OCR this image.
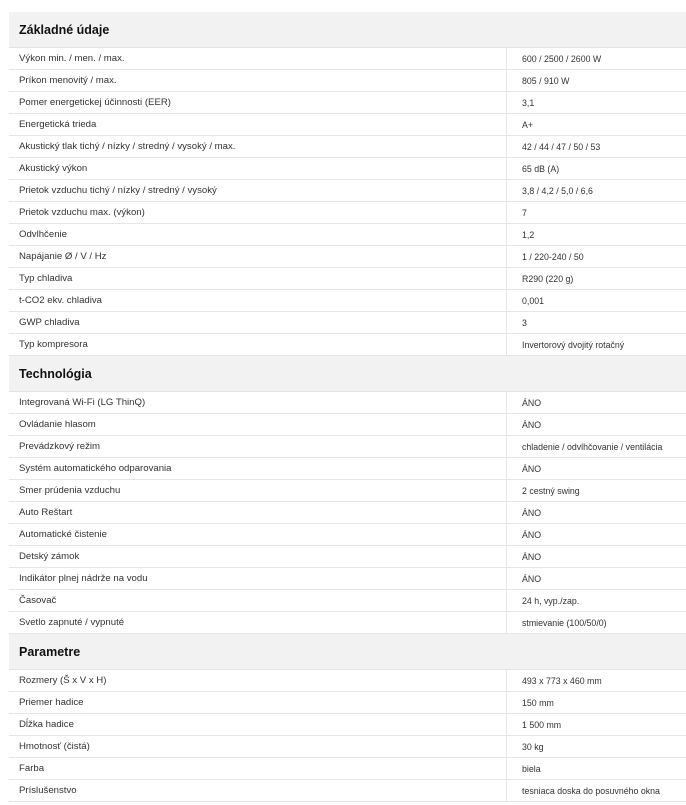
Základné údaje
Výkon min. / men. / max.	600 / 2500 / 2600 W
Príkon menovitý / max.	805 / 910 W
Pomer energetickej účinnosti (EER)	3,1
Energetická trieda	A+
Akustický tlak tichý / nízky / stredný / vysoký / max.	42 / 44 / 47 / 50 / 53
Akustický výkon	65 dB (A)
Prietok vzduchu tichý / nízky / stredný / vysoký	3,8 / 4,2 / 5,0 / 6,6
Prietok vzduchu max. (výkon)	7
Odvlhčenie	1,2
Napájanie Ø / V / Hz	1 / 220-240 / 50
Typ chladiva	R290 (220 g)
t-CO2 ekv. chladiva	0,001
GWP chladiva	3
Typ kompresora	Invertorový dvojitý rotačný
Technológia
Integrovaná Wi-Fi (LG ThinQ)	ÁNO
Ovládanie hlasom	ÁNO
Prevádzkový režim	chladenie / odvlhčovanie / ventilácia
Systém automatického odparovania	ÁNO
Smer prúdenia vzduchu	2 cestný swing
Auto Reštart	ÁNO
Automatické čistenie	ÁNO
Detský zámok	ÁNO
Indikátor plnej nádrže na vodu	ÁNO
Časovač	24 h, vyp./zap.
Svetlo zapnuté / vypnuté	stmievanie (100/50/0)
Parametre
Rozmery (Š x V x H)	493 x 773 x 460 mm
Priemer hadice	150 mm
Dĺžka hadice	1 500 mm
Hmotnosť (čistá)	30 kg
Farba	biela
Príslušenstvo	tesniaca doska do posuvného okna
